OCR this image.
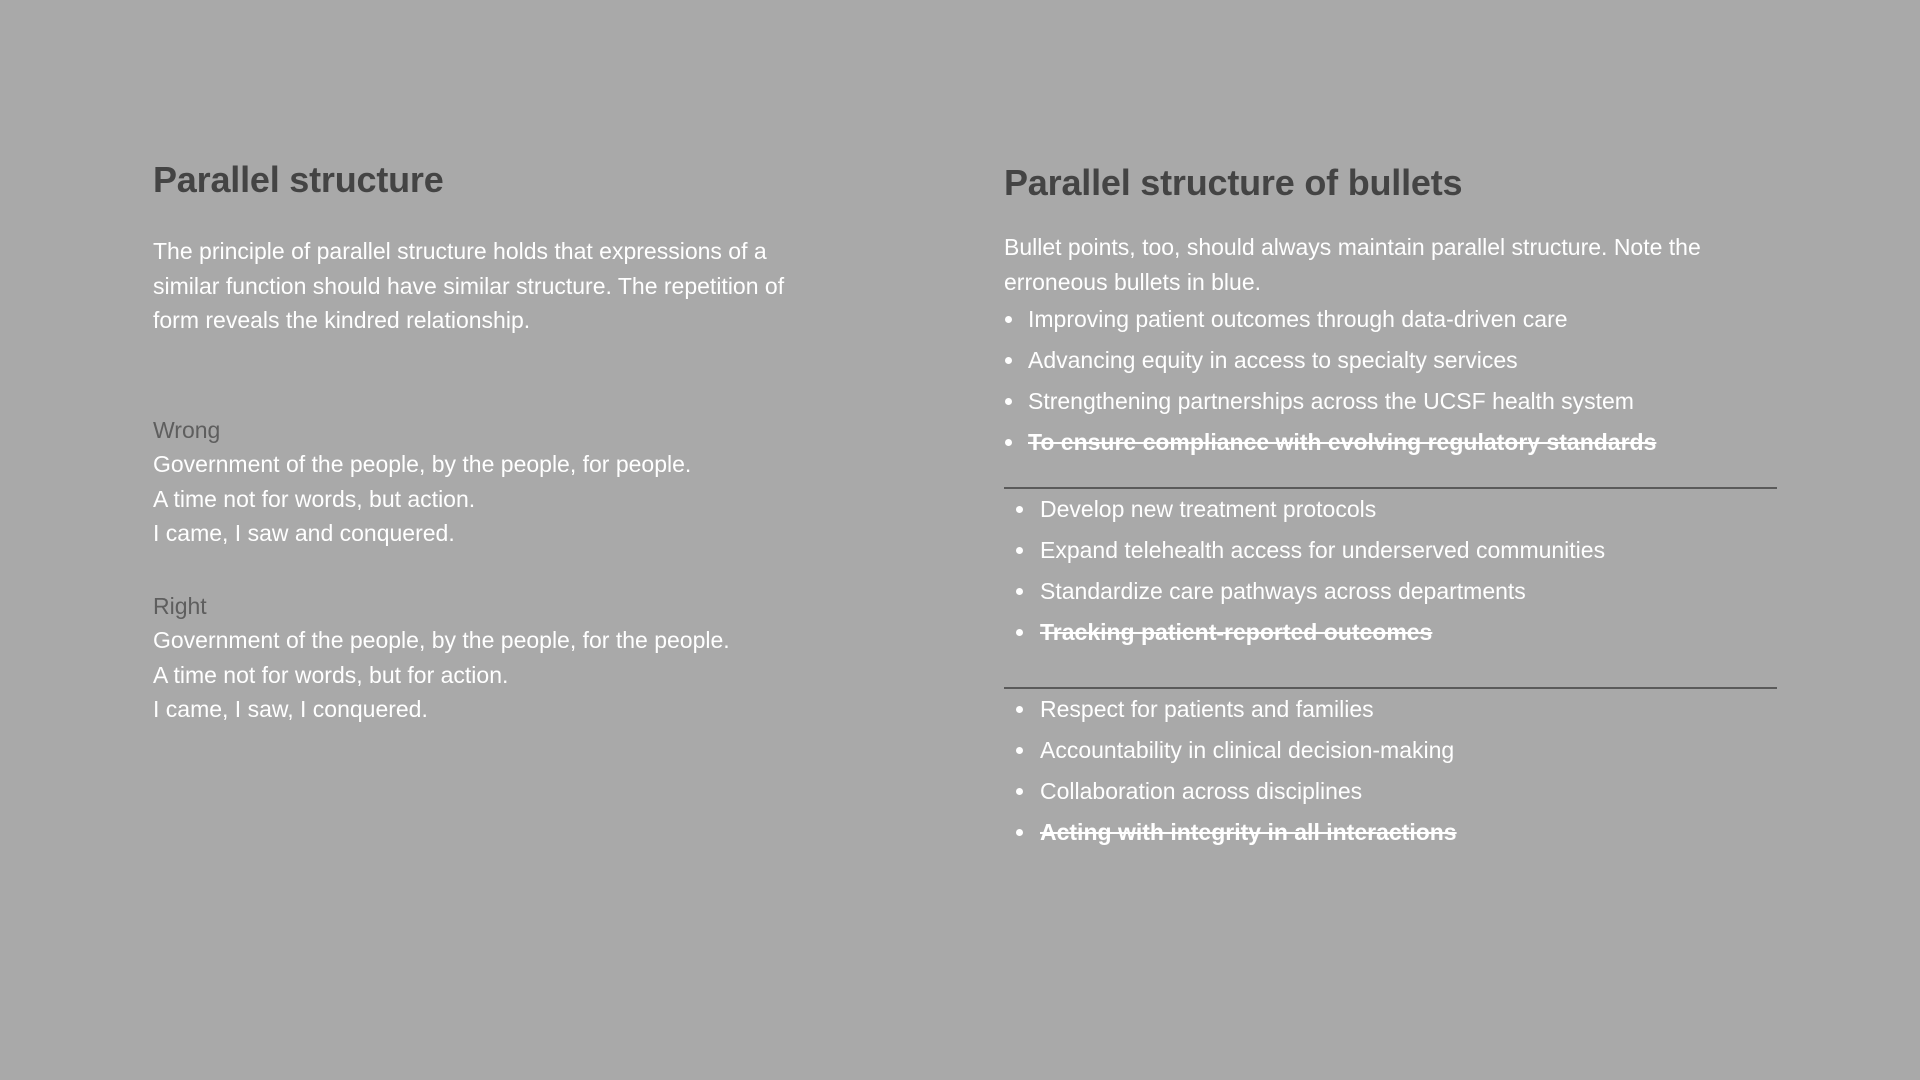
Parallel structure

The principle of parallel structure holds that expressions of a similar function should have similar structure. The repetition of form reveals the kindred relationship.

Wrong
Government of the people, by the people, for people.
A time not for words, but action.
I came, I saw and conquered.
Right
Government of the people, by the people, for the people.
A time not for words, but for action.
I came, I saw, I conquered.
Parallel structure of bullets

Bullet points, too, should always maintain parallel structure. Note the erroneous bullets in blue.

Improving patient outcomes through data-driven care
Advancing equity in access to specialty services
Strengthening partnerships across the UCSF health system
To ensure compliance with evolving regulatory standards
Develop new treatment protocols
Expand telehealth access for underserved communities
Standardize care pathways across departments
Tracking patient-reported outcomes
Respect for patients and families
Accountability in clinical decision-making
Collaboration across disciplines
Acting with integrity in all interactions
